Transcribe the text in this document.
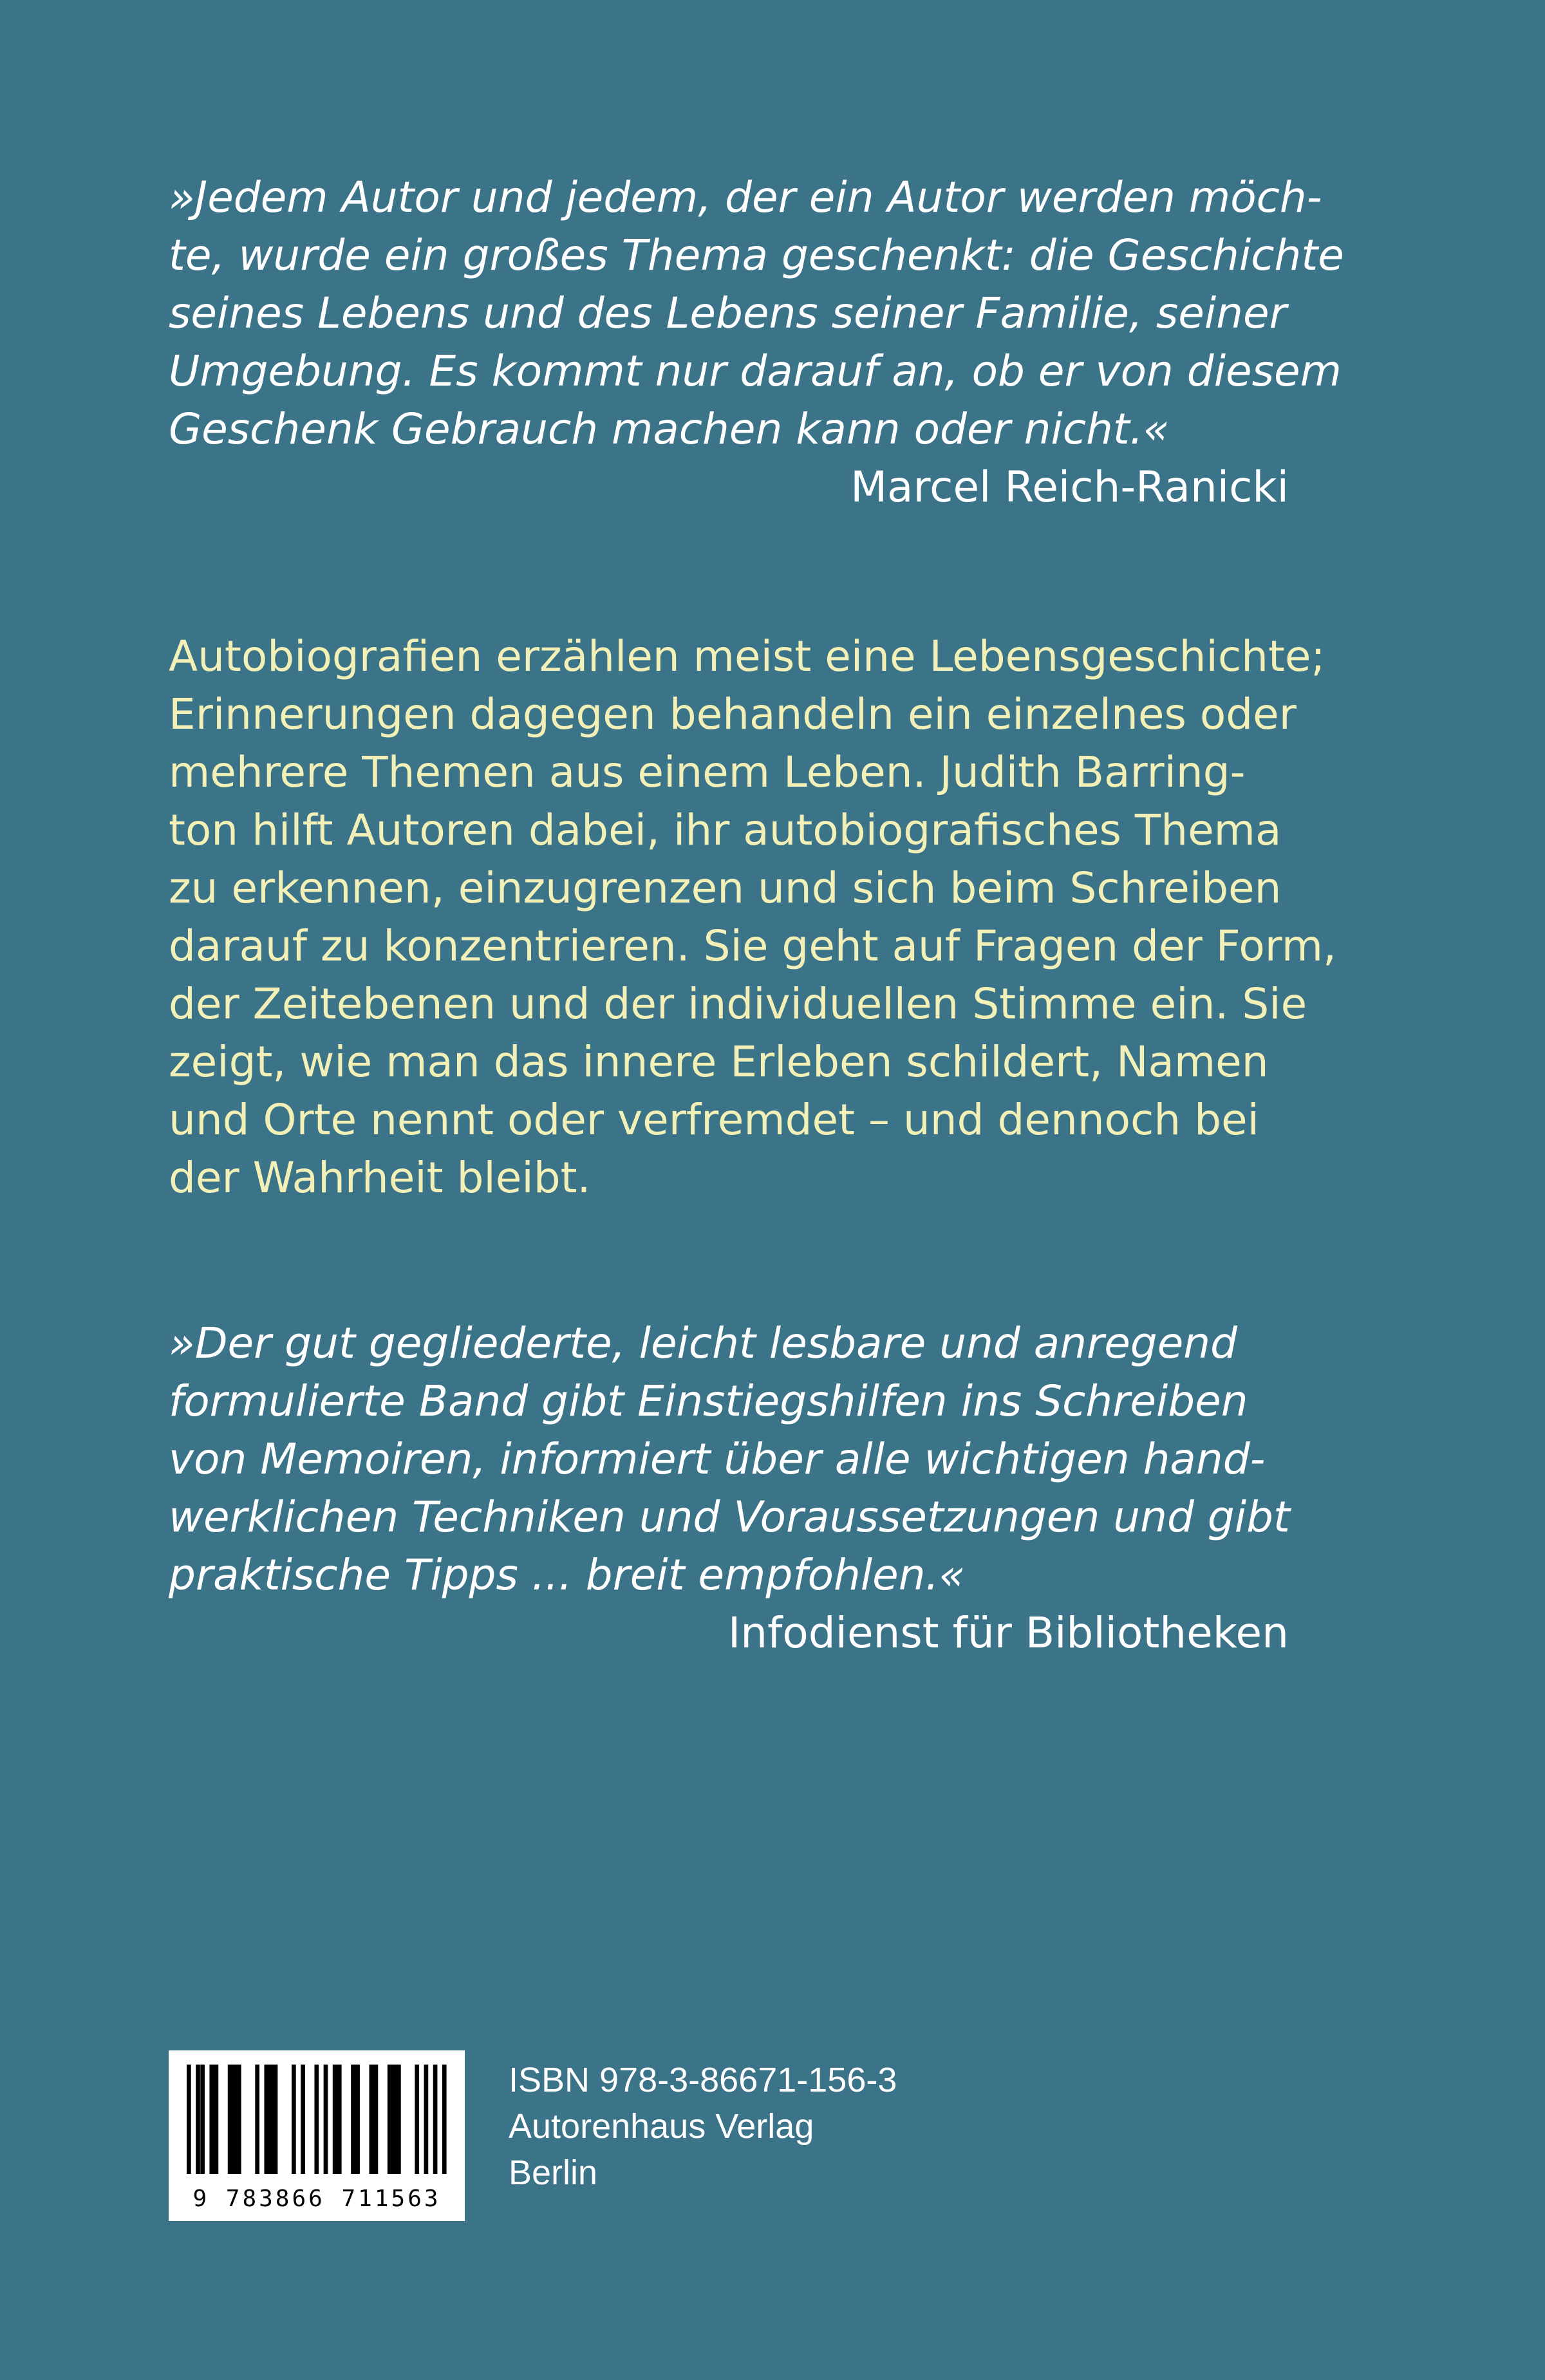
»Jedem Autor und jedem, der ein Autor werden möch-
te, wurde ein großes Thema geschenkt: die Geschichte
seines Lebens und des Lebens seiner Familie, seiner
Umgebung. Es kommt nur darauf an, ob er von diesem
Geschenk Gebrauch machen kann oder nicht.«
Marcel Reich-Ranicki
Autobiografien erzählen meist eine Lebensgeschichte;
Erinnerungen dagegen behandeln ein einzelnes oder
mehrere Themen aus einem Leben. Judith Barring-
ton hilft Autoren dabei, ihr autobiografisches Thema
zu erkennen, einzugrenzen und sich beim Schreiben
darauf zu konzentrieren. Sie geht auf Fragen der Form,
der Zeitebenen und der individuellen Stimme ein. Sie
zeigt, wie man das innere Erleben schildert, Namen
und Orte nennt oder verfremdet – und dennoch bei
der Wahrheit bleibt.
»Der gut gegliederte, leicht lesbare und anregend
formulierte Band gibt Einstiegshilfen ins Schreiben
von Memoiren, informiert über alle wichtigen hand-
werklichen Techniken und Voraussetzungen und gibt
praktische Tipps ... breit empfohlen.«
Infodienst für Bibliotheken
9 783866 711563
ISBN 978-3-86671-156-3
Autorenhaus Verlag
Berlin
